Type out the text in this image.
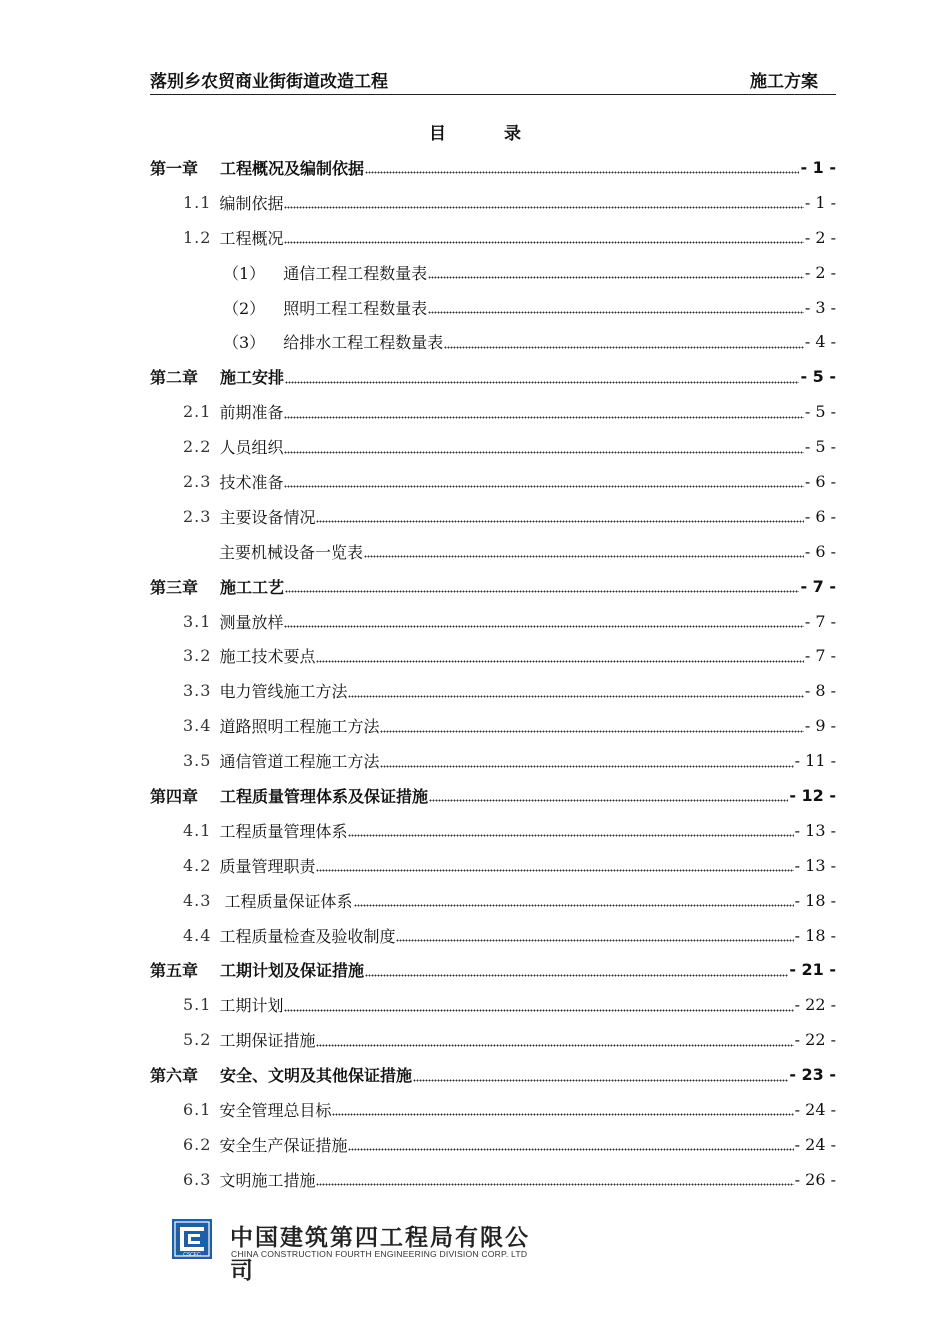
落别乡农贸商业街街道改造工程	施工方案
目 录
第一章 工程概况及编制依据	- 1 -
1.1 编制依据	- 1 -
1.2 工程概况	- 2 -
（1） 通信工程工程数量表	- 2 -
（2） 照明工程工程数量表	- 3 -
（3） 给排水工程工程数量表	- 4 -
第二章 施工安排	- 5 -
2.1 前期准备	- 5 -
2.2 人员组织	- 5 -
2.3 技术准备	- 6 -
2.3 主要设备情况	- 6 -
主要机械设备一览表	- 6 -
第三章 施工工艺	- 7 -
3.1 测量放样	- 7 -
3.2 施工技术要点	- 7 -
3.3 电力管线施工方法	- 8 -
3.4 道路照明工程施工方法	- 9 -
3.5 通信管道工程施工方法	- 11 -
第四章 工程质量管理体系及保证措施	- 12 -
4.1 工程质量管理体系	- 13 -
4.2 质量管理职责	- 13 -
4.3 工程质量保证体系	- 18 -
4.4 工程质量检查及验收制度	- 18 -
第五章 工期计划及保证措施	- 21 -
5.1 工期计划	- 22 -
5.2 工期保证措施	- 22 -
第六章 安全、文明及其他保证措施	- 23 -
6.1 安全管理总目标	- 24 -
6.2 安全生产保证措施	- 24 -
6.3 文明施工措施	- 26 -
CSCEC
中国建筑第四工程局有限公司
CHINA CONSTRUCTION FOURTH ENGINEERING DIVISION CORP. LTD
